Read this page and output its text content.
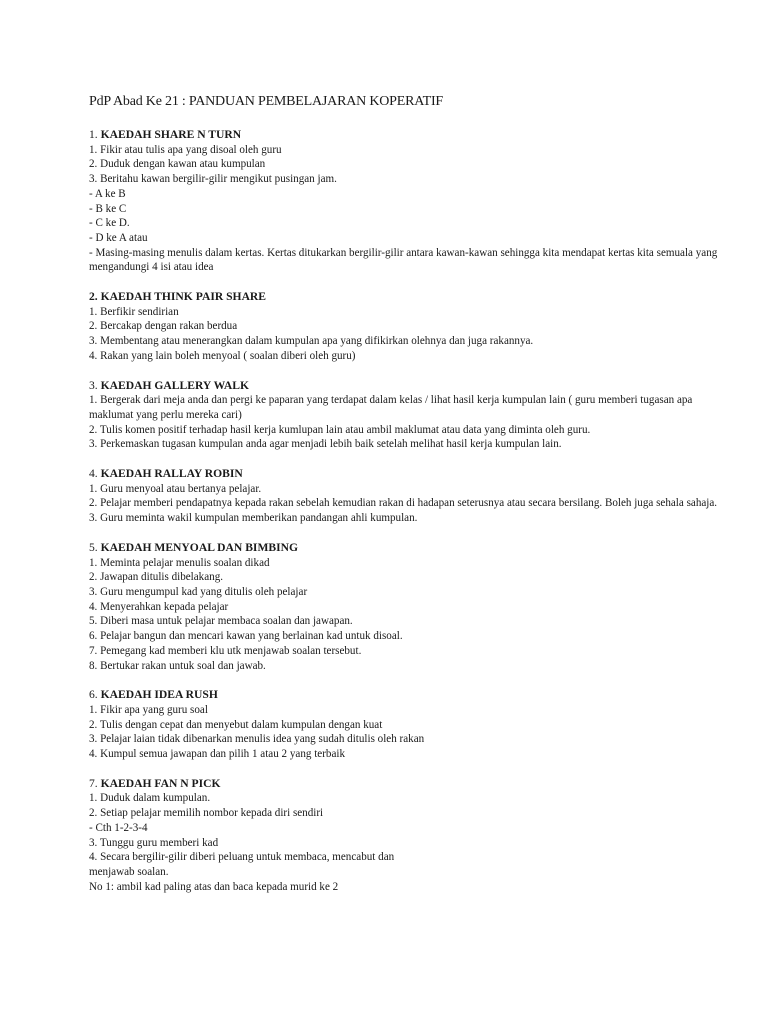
PdP Abad Ke 21 : PANDUAN PEMBELAJARAN KOPERATIF

1. KAEDAH SHARE N TURN

1. Fikir atau tulis apa yang disoal oleh guru

2. Duduk dengan kawan atau kumpulan

3. Beritahu kawan bergilir-gilir mengikut pusingan jam.

- A ke B

- B ke C

- C ke D.

- D ke A atau

- Masing-masing menulis dalam kertas. Kertas ditukarkan bergilir-gilir antara kawan-kawan sehingga kita mendapat kertas kita semuala yang mengandungi 4 isi atau idea

2. KAEDAH THINK PAIR SHARE

1. Berfikir sendirian

2. Bercakap dengan rakan berdua

3. Membentang atau menerangkan dalam kumpulan apa yang difikirkan olehnya dan juga rakannya.

4. Rakan yang lain boleh menyoal ( soalan diberi oleh guru)

3. KAEDAH GALLERY WALK

1. Bergerak dari meja anda dan pergi ke paparan yang terdapat dalam kelas / lihat hasil kerja kumpulan lain ( guru memberi tugasan apa maklumat yang perlu mereka cari)

2. Tulis komen positif terhadap hasil kerja kumlupan lain atau ambil maklumat atau data yang diminta oleh guru.

3. Perkemaskan tugasan kumpulan anda agar menjadi lebih baik setelah melihat hasil kerja kumpulan lain.

4. KAEDAH RALLAY ROBIN

1. Guru menyoal atau bertanya pelajar.

2. Pelajar memberi pendapatnya kepada rakan sebelah kemudian rakan di hadapan seterusnya atau secara bersilang. Boleh juga sehala sahaja.

3. Guru meminta wakil kumpulan memberikan pandangan ahli kumpulan.

5. KAEDAH MENYOAL DAN BIMBING

1. Meminta pelajar menulis soalan dikad

2. Jawapan ditulis dibelakang.

3. Guru mengumpul kad yang ditulis oleh pelajar

4. Menyerahkan kepada pelajar

5. Diberi masa untuk pelajar membaca soalan dan jawapan.

6. Pelajar bangun dan mencari kawan yang berlainan kad untuk disoal.

7. Pemegang kad memberi klu utk menjawab soalan tersebut.

8. Bertukar rakan untuk soal dan jawab.

6. KAEDAH IDEA RUSH

1. Fikir apa yang guru soal

2. Tulis dengan cepat dan menyebut dalam kumpulan dengan kuat

3. Pelajar laian tidak dibenarkan menulis idea yang sudah ditulis oleh rakan

4. Kumpul semua jawapan dan pilih 1 atau 2 yang terbaik

7. KAEDAH FAN N PICK

1. Duduk dalam kumpulan.

2. Setiap pelajar memilih nombor kepada diri sendiri

- Cth 1-2-3-4

3. Tunggu guru memberi kad

4. Secara bergilir-gilir diberi peluang untuk membaca, mencabut dan

menjawab soalan.

No 1: ambil kad paling atas dan baca kepada murid ke 2
